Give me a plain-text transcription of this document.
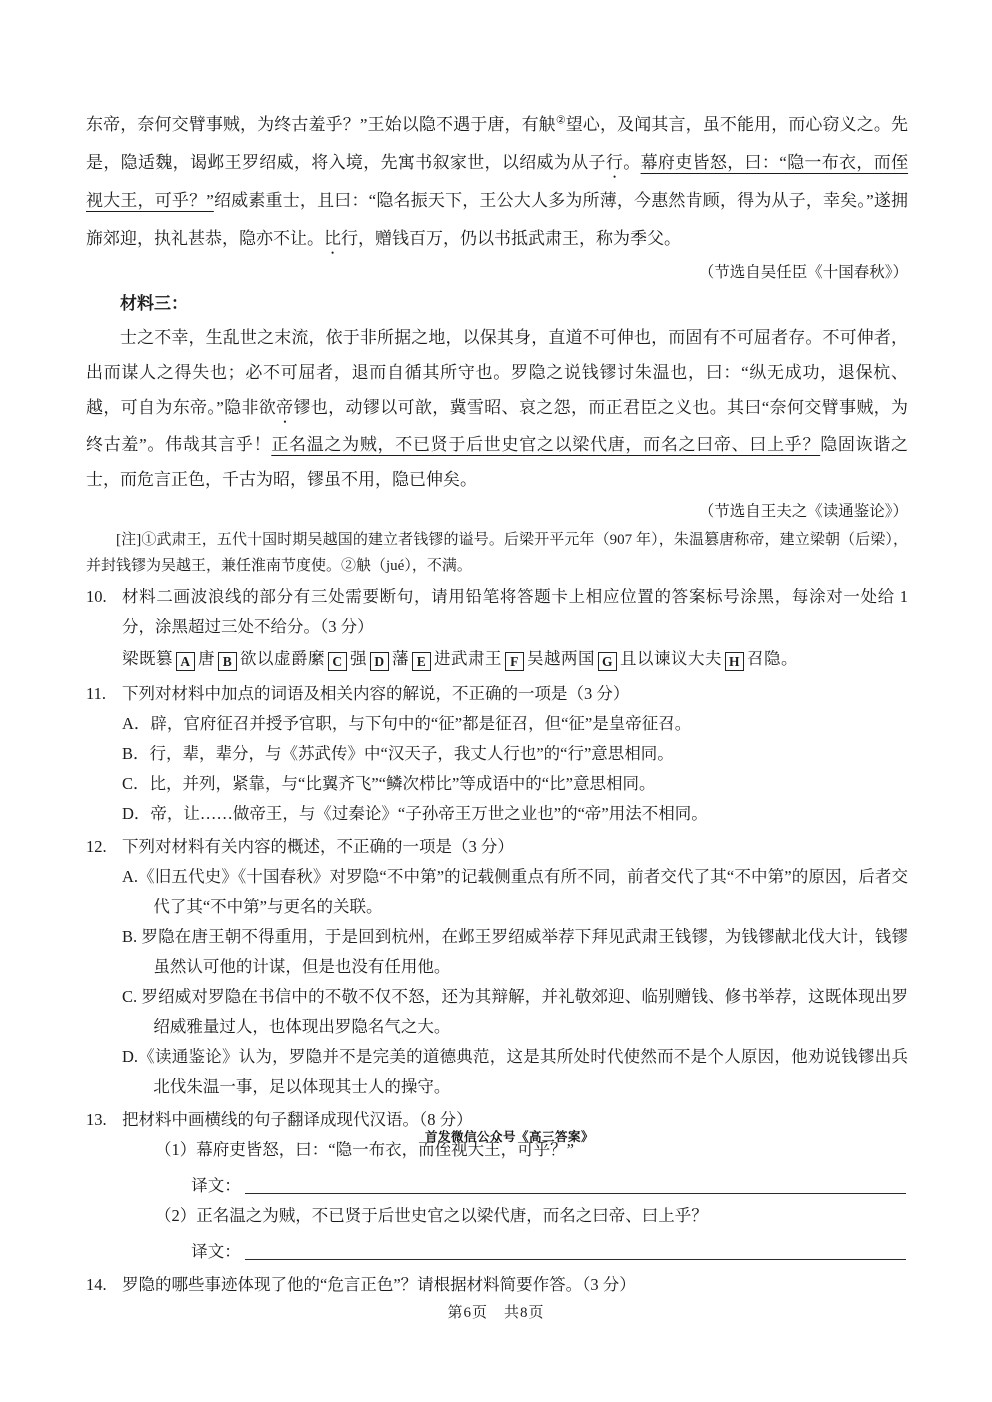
东帝，奈何交臂事贼，为终古羞乎？”王始以隐不遇于唐，有觖②望心，及闻其言，虽不能用，而心窃义之。先是，隐适魏，谒邺王罗绍威，将入境，先寓书叙家世，以绍威为从子行。幕府吏皆怒，曰：“隐一布衣，而侄视大王，可乎？”绍威素重士，且曰：“隐名振天下，王公大人多为所薄，今惠然肯顾，得为从子，幸矣。”遂拥旆郊迎，执礼甚恭，隐亦不让。比行，赠钱百万，仍以书抵武肃王，称为季父。
（节选自吴任臣《十国春秋》）
材料三：
士之不幸，生乱世之末流，依于非所据之地，以保其身，直道不可伸也，而固有不可屈者存。不可伸者，出而谋人之得失也；必不可屈者，退而自循其所守也。罗隐之说钱镠讨朱温也，曰：“纵无成功，退保杭、越，可自为东帝。”隐非欲帝镠也，动镠以可歆，冀雪昭、哀之怨，而正君臣之义也。其曰“奈何交臂事贼，为终古羞”。伟哉其言乎！正名温之为贼，不已贤于后世史官之以梁代唐，而名之曰帝、曰上乎？隐固诙谐之士，而危言正色，千古为昭，镠虽不用，隐已伸矣。
（节选自王夫之《读通鉴论》）
[注]①武肃王，五代十国时期吴越国的建立者钱镠的谥号。后梁开平元年（907 年），朱温篡唐称帝，建立梁朝（后梁），并封钱镠为吴越王，兼任淮南节度使。②觖（jué），不满。
10. 材料二画波浪线的部分有三处需要断句，请用铅笔将答题卡上相应位置的答案标号涂黑，每涂对一处给 1 分，涂黑超过三处不给分。（3 分）
梁既篡 A 唐 B 欲以虚爵縻 C 强 D 藩 E 进武肃王 F 吴越两国 G 且以谏议大夫 H 召隐。
11. 下列对材料中加点的词语及相关内容的解说，不正确的一项是（3 分）
A．辟，官府征召并授予官职，与下句中的“征”都是征召，但“征”是皇帝征召。
B．行，辈，辈分，与《苏武传》中“汉天子，我丈人行也”的“行”意思相同。
C．比，并列，紧靠，与“比翼齐飞”“鳞次栉比”等成语中的“比”意思相同。
D．帝，让……做帝王，与《过秦论》“子孙帝王万世之业也”的“帝”用法不相同。
12. 下列对材料有关内容的概述，不正确的一项是（3 分）
A.《旧五代史》《十国春秋》对罗隐“不中第”的记载侧重点有所不同，前者交代了其“不中第”的原因，后者交代了其“不中第”与更名的关联。
B. 罗隐在唐王朝不得重用，于是回到杭州，在邺王罗绍威举荐下拜见武肃王钱镠，为钱镠献北伐大计，钱镠虽然认可他的计谋，但是也没有任用他。
C. 罗绍威对罗隐在书信中的不敬不仅不怒，还为其辩解，并礼敬郊迎、临别赠钱、修书举荐，这既体现出罗绍威雅量过人，也体现出罗隐名气之大。
D.《读通鉴论》认为，罗隐并不是完美的道德典范，这是其所处时代使然而不是个人原因，他劝说钱镠出兵北伐朱温一事，足以体现其士人的操守。
13. 把材料中画横线的句子翻译成现代汉语。（8 分）
首发微信公众号《高三答案》
（1）幕府吏皆怒，曰：“隐一布衣，而侄视大王，可乎？”
译文：
（2）正名温之为贼，不已贤于后世史官之以梁代唐，而名之曰帝、曰上乎？
译文：
14. 罗隐的哪些事迹体现了他的“危言正色”？请根据材料简要作答。（3 分）
第6页　共8页
